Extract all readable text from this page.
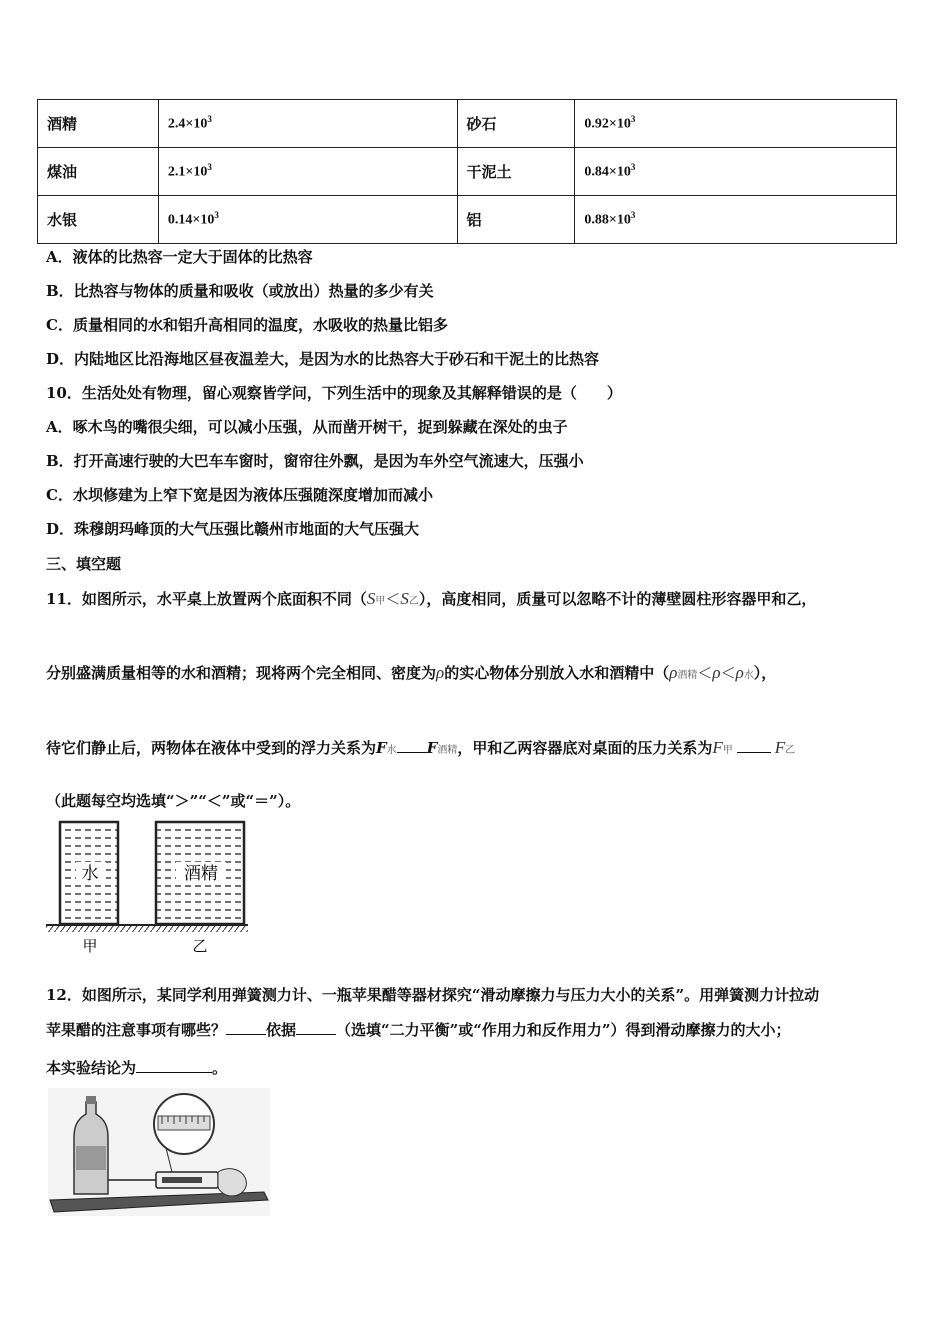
酒精	$2.4\times 10^3$	砂石	$0.92\times 10^3$
煤油	$2.1\times 10^3$	干泥土	$0.84\times 10^3$
水银	$0.14\times 10^3$	铝	$0.88\times 10^3$
A．液体的比热容一定大于固体的比热容
B．比热容与物体的质量和吸收（或放出）热量的多少有关
C．质量相同的水和铝升高相同的温度，水吸收的热量比铝多
D．内陆地区比沿海地区昼夜温差大，是因为水的比热容大于砂石和干泥土的比热容
10．生活处处有物理，留心观察皆学问，下列生活中的现象及其解释错误的是（　　）
A．啄木鸟的嘴很尖细，可以减小压强，从而凿开树干，捉到躲藏在深处的虫子
B．打开高速行驶的大巴车车窗时，窗帘往外飘，是因为车外空气流速大，压强小
C．水坝修建为上窄下宽是因为液体压强随深度增加而减小
D．珠穆朗玛峰顶的大气压强比赣州市地面的大气压强大
三、填空题
11．如图所示，水平桌上放置两个底面积不同（S甲＜S乙），高度相同，质量可以忽略不计的薄壁圆柱形容器甲和乙，
分别盛满质量相等的水和酒精；现将两个完全相同、密度为ρ的实心物体分别放入水和酒精中（ρ酒精＜ρ＜ρ水），
待它们静止后，两物体在液体中受到的浮力关系为F水 F酒精，甲和乙两容器底对桌面的压力关系为F甲 F乙
（此题每空均选填“＞”“＜”或“＝”）。
水	酒精
甲	乙
12．如图所示，某同学利用弹簧测力计、一瓶苹果醋等器材探究“滑动摩擦力与压力大小的关系”。用弹簧测力计拉动
苹果醋的注意事项有哪些？	依据	（选填“二力平衡”或“作用力和反作用力”）得到滑动摩擦力的大小；
本实验结论为	。
